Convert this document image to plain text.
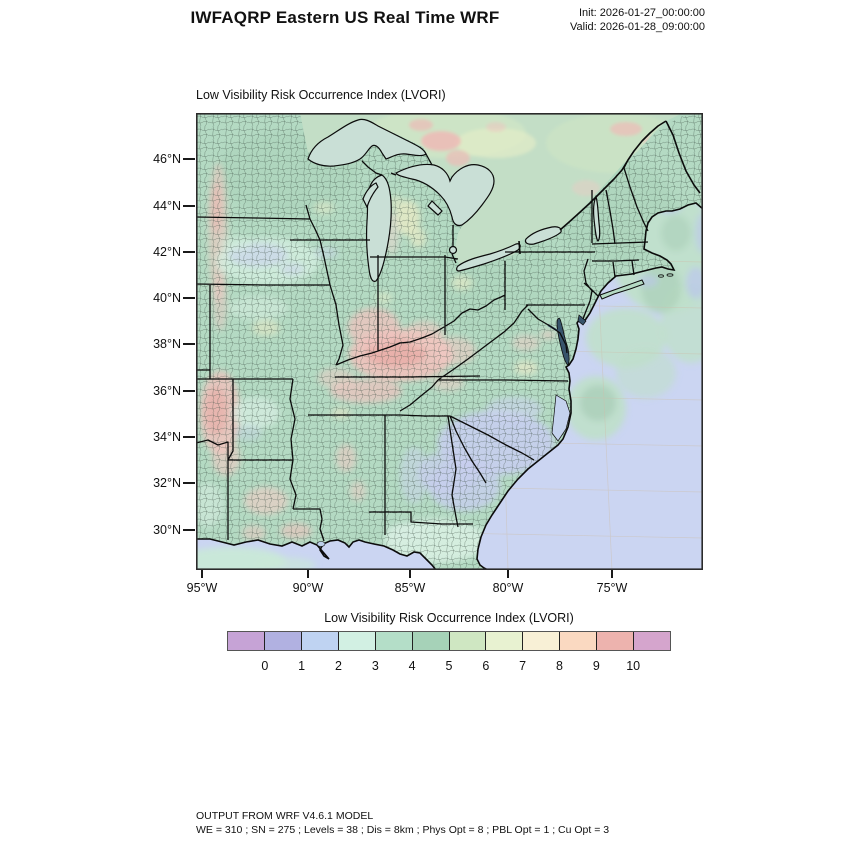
IWFAQRP Eastern US Real Time WRF	Init: 2026-01-27_00:00:00
Valid: 2026-01-28_09:00:00
Low Visibility Risk Occurrence Index (LVORI)
46°N
44°N
42°N
40°N
38°N
36°N
34°N
32°N
30°N
95°W	90°W	85°W	80°W	75°W
Low Visibility Risk Occurrence Index (LVORI)
0	1	2	3	4	5	6	7	8	9	10
OUTPUT FROM WRF V4.6.1 MODEL
WE = 310 ; SN = 275 ; Levels = 38 ; Dis = 8km ; Phys Opt = 8 ; PBL Opt = 1 ; Cu Opt = 3
